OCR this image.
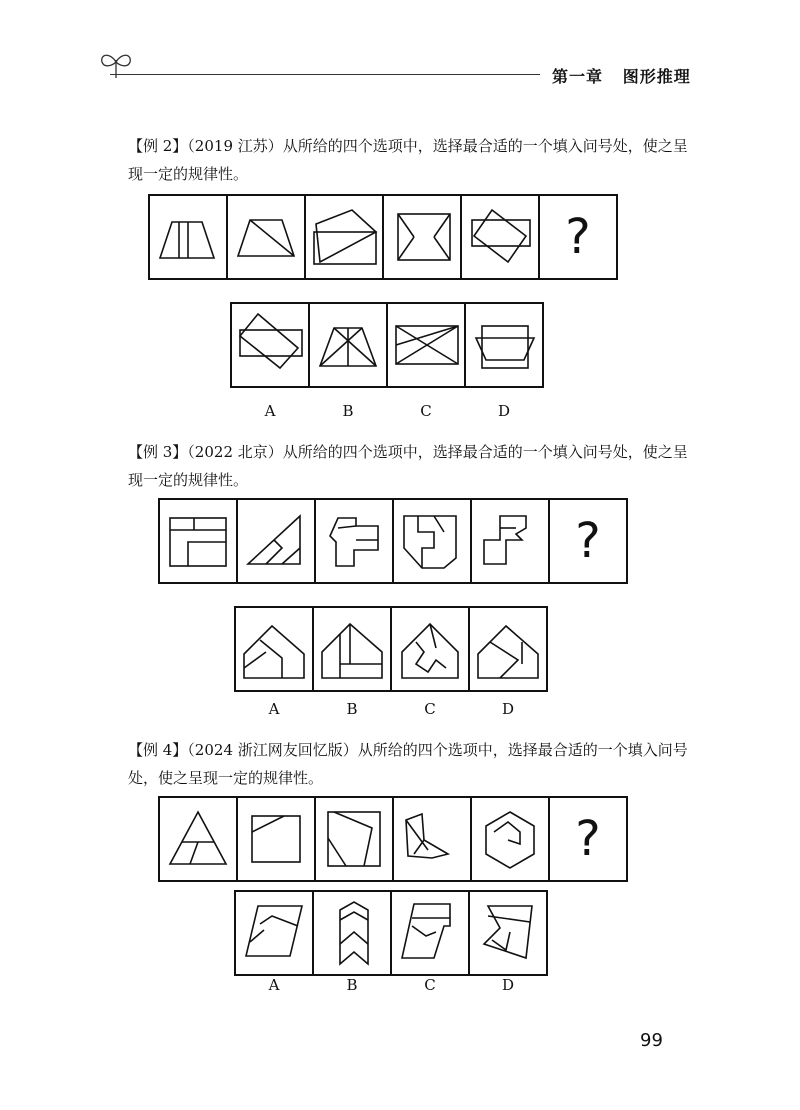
第一章   图形推理

【例 2】（2019 江苏）从所给的四个选项中，选择最合适的一个填入问号处，使之呈现一定的规律性。

?
A	B	C	D

【例 3】（2022 北京）从所给的四个选项中，选择最合适的一个填入问号处，使之呈现一定的规律性。

?
A	B	C	D

【例 4】（2024 浙江网友回忆版）从所给的四个选项中，选择最合适的一个填入问号处，使之呈现一定的规律性。

?
A	B	C	D
99
